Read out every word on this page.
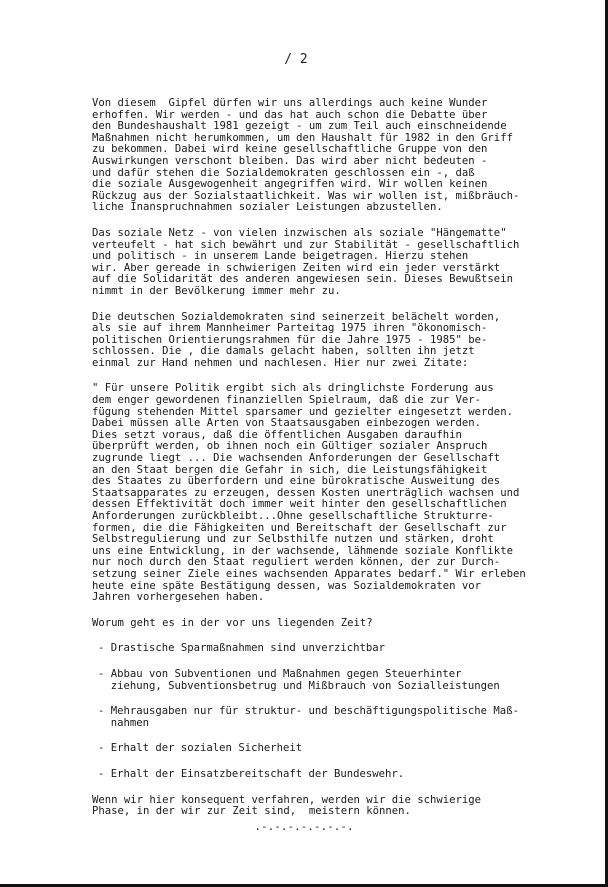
/ 2

Von diesem  Gipfel dürfen wir uns allerdings auch keine Wunder
erhoffen. Wir werden - und das hat auch schon die Debatte über
den Bundeshaushalt 1981 gezeigt - um zum Teil auch einschneidende
Maßnahmen nicht herumkommen, um den Haushalt für 1982 in den Griff
zu bekommen. Dabei wird keine gesellschaftliche Gruppe von den
Auswirkungen verschont bleiben. Das wird aber nicht bedeuten -
und dafür stehen die Sozialdemokraten geschlossen ein -, daß
die soziale Ausgewogenheit angegriffen wird. Wir wollen keinen
Rückzug aus der Sozialstaatlichkeit. Was wir wollen ist, mißbräuch-
liche Inanspruchnahmen sozialer Leistungen abzustellen.

Das soziale Netz - von vielen inzwischen als soziale "Hängematte"
verteufelt - hat sich bewährt und zur Stabilität - gesellschaftlich
und politisch - in unserem Lande beigetragen. Hierzu stehen
wir. Aber gereade in schwierigen Zeiten wird ein jeder verstärkt
auf die Solidarität des anderen angewiesen sein. Dieses Bewußtsein
nimmt in der Bevölkerung immer mehr zu.

Die deutschen Sozialdemokraten sind seinerzeit belächelt worden,
als sie auf ihrem Mannheimer Parteitag 1975 ihren "ökonomisch-
politischen Orientierungsrahmen für die Jahre 1975 - 1985" be-
schlossen. Die , die damals gelacht haben, sollten ihn jetzt
einmal zur Hand nehmen und nachlesen. Hier nur zwei Zitate:

" Für unsere Politik ergibt sich als dringlichste Forderung aus
dem enger gewordenen finanziellen Spielraum, daß die zur Ver-
fügung stehenden Mittel sparsamer und gezielter eingesetzt werden.
Dabei müssen alle Arten von Staatsausgaben einbezogen werden.
Dies setzt voraus, daß die öffentlichen Ausgaben daraufhin
überprüft werden, ob ihnen noch ein Gültiger sozialer Anspruch
zugrunde liegt ... Die wachsenden Anforderungen der Gesellschaft
an den Staat bergen die Gefahr in sich, die Leistungsfähigkeit
des Staates zu überfordern und eine bürokratische Ausweitung des
Staatsapparates zu erzeugen, dessen Kosten unerträglich wachsen und
dessen Effektivität doch immer weit hinter den gesellschaftlichen
Anforderungen zurückbleibt...Ohne gesellschaftliche Strukturre-
formen, die die Fähigkeiten und Bereitschaft der Gesellschaft zur
Selbstregulierung und zur Selbsthilfe nutzen und stärken, droht
uns eine Entwicklung, in der wachsende, lähmende soziale Konflikte
nur noch durch den Staat reguliert werden können, der zur Durch-
setzung seiner Ziele eines wachsenden Apparates bedarf." Wir erleben
heute eine späte Bestätigung dessen, was Sozialdemokraten vor
Jahren vorhergesehen haben.

Worum geht es in der vor uns liegenden Zeit?

- Drastische Sparmaßnahmen sind unverzichtbar
- Abbau von Subventionen und Maßnahmen gegen Steuerhinter
ziehung, Subventionsbetrug und Mißbrauch von Sozialleistungen
- Mehrausgaben nur für struktur- und beschäftigungspolitische Maß-
nahmen
- Erhalt der sozialen Sicherheit
- Erhalt der Einsatzbereitschaft der Bundeswehr.

Wenn wir hier konsequent verfahren, werden wir die schwierige
Phase, in der wir zur Zeit sind,  meistern können.

.-.-.-.-.-.-.-.
